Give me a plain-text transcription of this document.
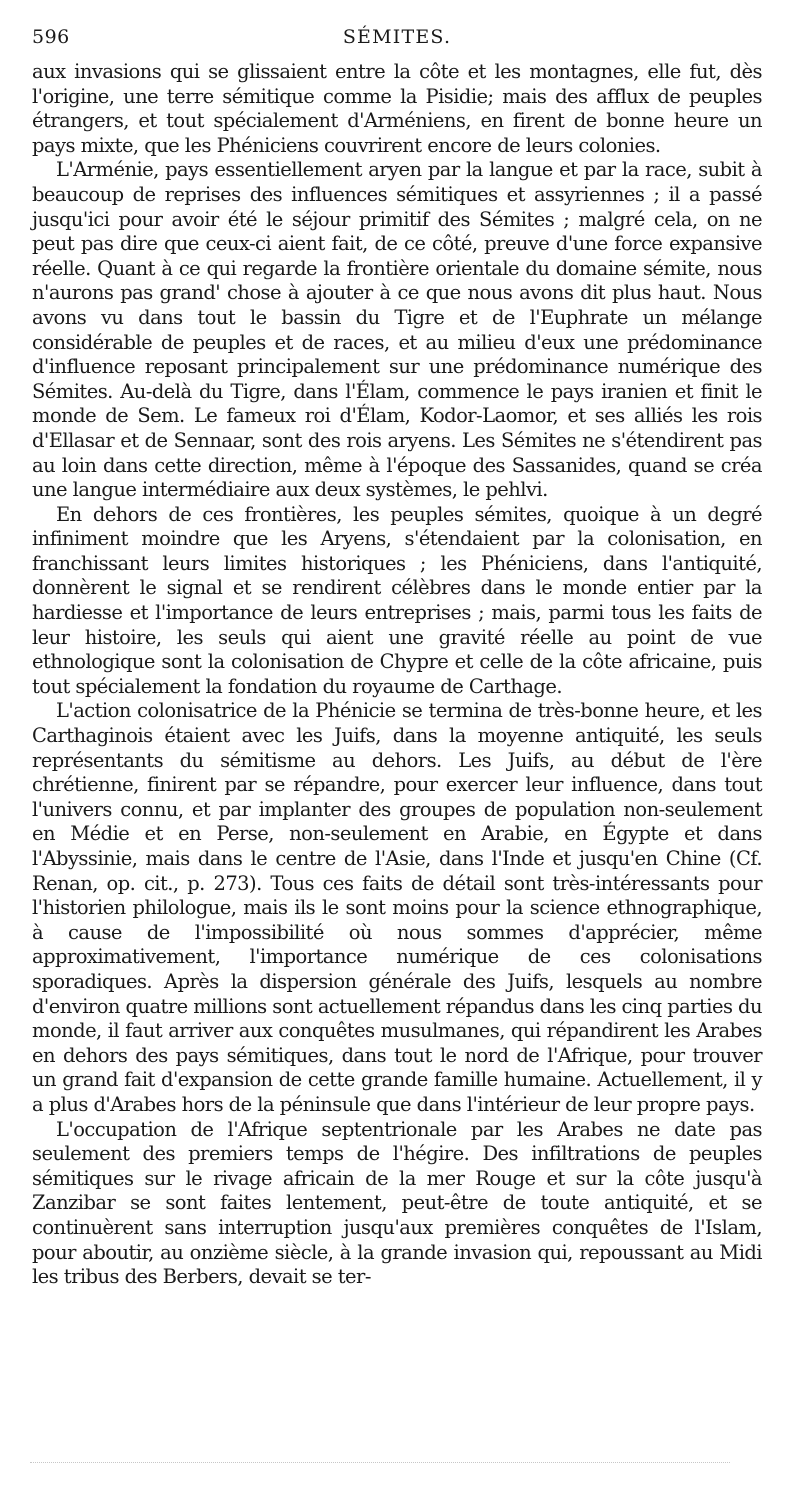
596	SÉMITES.

aux invasions qui se glissaient entre la côte et les montagnes, elle fut, dès l'origine, une terre sémitique comme la Pisidie; mais des afflux de peuples étrangers, et tout spécialement d'Arméniens, en firent de bonne heure un pays mixte, que les Phéniciens couvrirent encore de leurs colonies.

L'Arménie, pays essentiellement aryen par la langue et par la race, subit à beaucoup de reprises des influences sémitiques et assyriennes ; il a passé jusqu'ici pour avoir été le séjour primitif des Sémites ; malgré cela, on ne peut pas dire que ceux-ci aient fait, de ce côté, preuve d'une force expansive réelle. Quant à ce qui regarde la frontière orientale du domaine sémite, nous n'aurons pas grand' chose à ajouter à ce que nous avons dit plus haut. Nous avons vu dans tout le bassin du Tigre et de l'Euphrate un mélange considérable de peuples et de races, et au milieu d'eux une prédominance d'influence reposant principalement sur une prédominance numérique des Sémites. Au-delà du Tigre, dans l'Élam, commence le pays iranien et finit le monde de Sem. Le fameux roi d'Élam, Kodor-Laomor, et ses alliés les rois d'Ellasar et de Sennaar, sont des rois aryens. Les Sémites ne s'étendirent pas au loin dans cette direction, même à l'époque des Sassanides, quand se créa une langue intermédiaire aux deux systèmes, le pehlvi.

En dehors de ces frontières, les peuples sémites, quoique à un degré infiniment moindre que les Aryens, s'étendaient par la colonisation, en franchissant leurs limites historiques ; les Phéniciens, dans l'antiquité, donnèrent le signal et se rendirent célèbres dans le monde entier par la hardiesse et l'importance de leurs entreprises ; mais, parmi tous les faits de leur histoire, les seuls qui aient une gravité réelle au point de vue ethnologique sont la colonisation de Chypre et celle de la côte africaine, puis tout spécialement la fondation du royaume de Carthage.

L'action colonisatrice de la Phénicie se termina de très-bonne heure, et les Carthaginois étaient avec les Juifs, dans la moyenne antiquité, les seuls représentants du sémitisme au dehors. Les Juifs, au début de l'ère chrétienne, finirent par se répandre, pour exercer leur influence, dans tout l'univers connu, et par implanter des groupes de population non-seulement en Médie et en Perse, non-seulement en Arabie, en Égypte et dans l'Abyssinie, mais dans le centre de l'Asie, dans l'Inde et jusqu'en Chine (Cf. Renan, op. cit., p. 273). Tous ces faits de détail sont très-intéressants pour l'historien philologue, mais ils le sont moins pour la science ethnographique, à cause de l'impossibilité où nous sommes d'apprécier, même approximativement, l'importance numérique de ces colonisations sporadiques. Après la dispersion générale des Juifs, lesquels au nombre d'environ quatre millions sont actuellement répandus dans les cinq parties du monde, il faut arriver aux conquêtes musulmanes, qui répandirent les Arabes en dehors des pays sémitiques, dans tout le nord de l'Afrique, pour trouver un grand fait d'expansion de cette grande famille humaine. Actuellement, il y a plus d'Arabes hors de la péninsule que dans l'intérieur de leur propre pays.

L'occupation de l'Afrique septentrionale par les Arabes ne date pas seulement des premiers temps de l'hégire. Des infiltrations de peuples sémitiques sur le rivage africain de la mer Rouge et sur la côte jusqu'à Zanzibar se sont faites lentement, peut-être de toute antiquité, et se continuèrent sans interruption jusqu'aux premières conquêtes de l'Islam, pour aboutir, au onzième siècle, à la grande invasion qui, repoussant au Midi les tribus des Berbers, devait se ter-
